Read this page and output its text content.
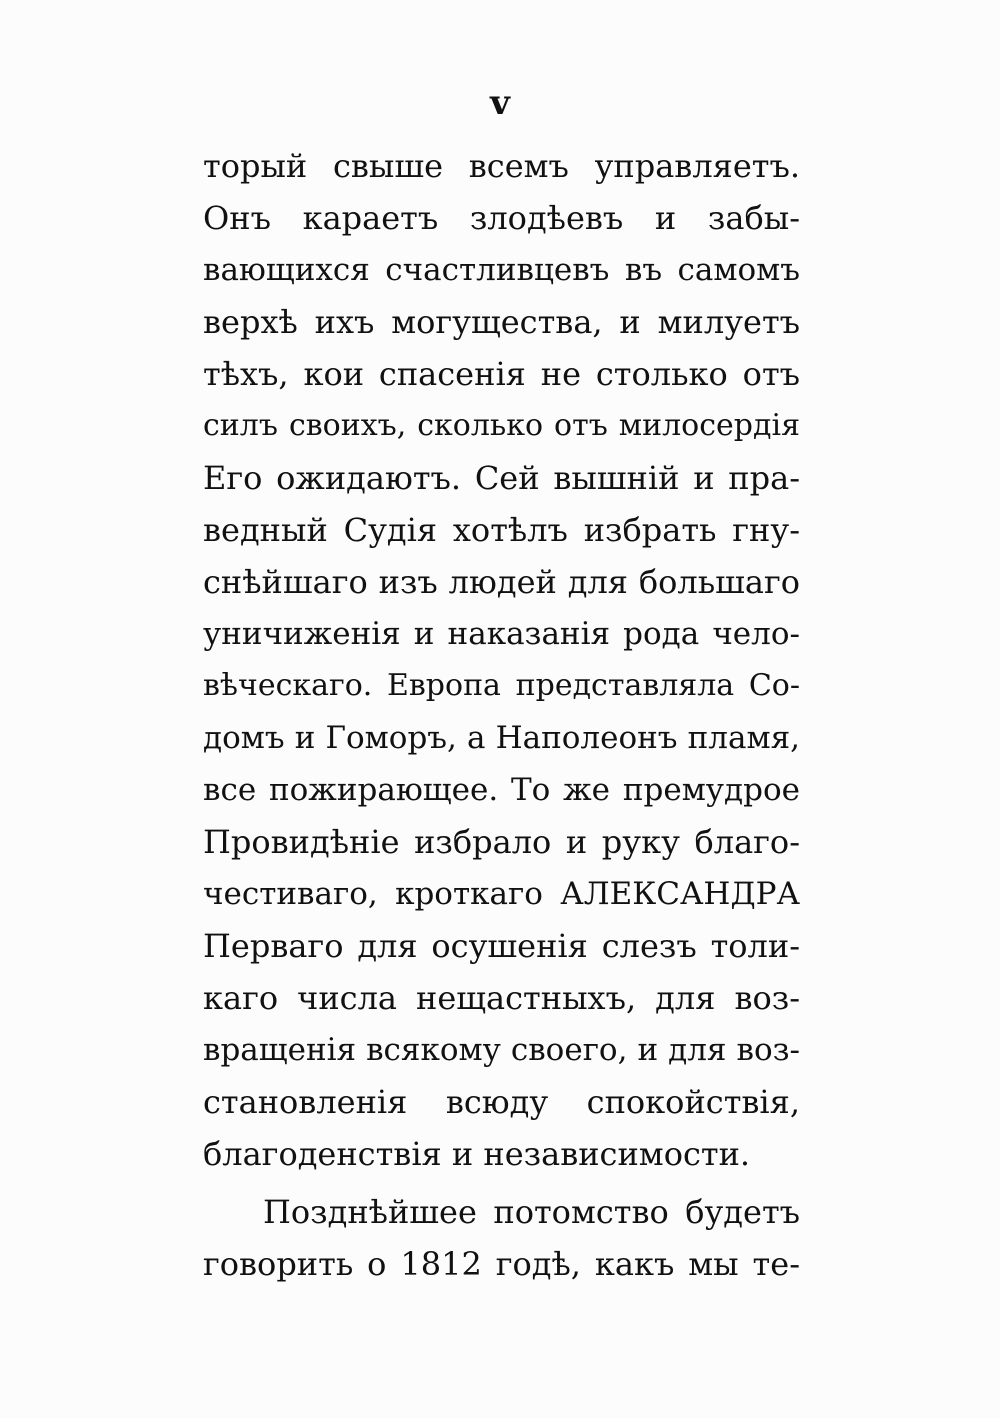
v
торый свыше всемъ управляетъ.
Онъ караетъ злодѣевъ и забы-
вающихся счастливцевъ въ самомъ
верхѣ ихъ могущества, и милуетъ
тѣхъ, кои спасенія не столько отъ
силъ своихъ, сколько отъ милосердія
Его ожидаютъ. Сей вышній и пра-
ведный Судія хотѣлъ избрать гну-
снѣйшаго изъ людей для большаго
уничиженія и наказанія рода чело-
вѣческаго. Европа представляла Со-
домъ и Гоморъ, а Наполеонъ пламя,
все пожирающее. То же премудрое
Провидѣніе избрало и руку благо-
честиваго, кроткаго АЛЕКСАНДРА
Перваго для осушенія слезъ толи-
каго числа нещастныхъ, для воз-
вращенія всякому своего, и для воз-
становленія всюду спокойствія,
благоденствія и независимости.
Позднѣйшее потомство будетъ
говорить о 1812 годѣ, какъ мы те-
